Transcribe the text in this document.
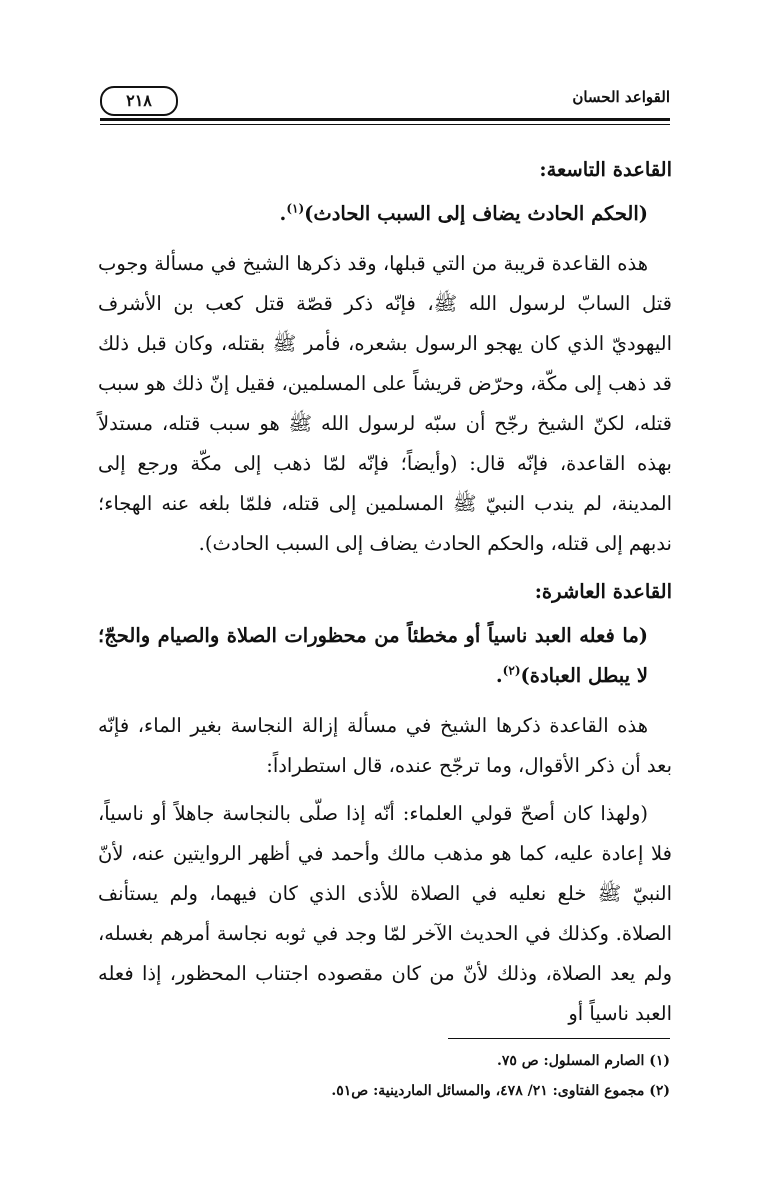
القواعد الحسان
٢١٨

القاعدة التاسعة:

(الحكم الحادث يضاف إلى السبب الحادث)$^{(١)}$.

هذه القاعدة قريبة من التي قبلها، وقد ذكرها الشيخ في مسألة وجوب قتل السابّ لرسول الله ﷺ، فإنّه ذكر قصّة قتل كعب بن الأشرف اليهوديّ الذي كان يهجو الرسول بشعره، فأمر ﷺ بقتله، وكان قبل ذلك قد ذهب إلى مكّة، وحرّض قريشاً على المسلمين، فقيل إنّ ذلك هو سبب قتله، لكنّ الشيخ رجّح أن سبّه لرسول الله ﷺ هو سبب قتله، مستدلاً بهذه القاعدة، فإنّه قال: (وأيضاً؛ فإنّه لمّا ذهب إلى مكّة ورجع إلى المدينة، لم يندب النبيّ ﷺ المسلمين إلى قتله، فلمّا بلغه عنه الهجاء؛ ندبهم إلى قتله، والحكم الحادث يضاف إلى السبب الحادث).

القاعدة العاشرة:

(ما فعله العبد ناسياً أو مخطئاً من محظورات الصلاة والصيام والحجّ؛ لا يبطل العبادة)$^{(٢)}$.

هذه القاعدة ذكرها الشيخ في مسألة إزالة النجاسة بغير الماء، فإنّه بعد أن ذكر الأقوال، وما ترجّح عنده، قال استطراداً:

(ولهذا كان أصحّ قولي العلماء: أنّه إذا صلّى بالنجاسة جاهلاً أو ناسياً، فلا إعادة عليه، كما هو مذهب مالك وأحمد في أظهر الروايتين عنه، لأنّ النبيّ ﷺ خلع نعليه في الصلاة للأذى الذي كان فيهما، ولم يستأنف الصلاة. وكذلك في الحديث الآخر لمّا وجد في ثوبه نجاسة أمرهم بغسله، ولم يعد الصلاة، وذلك لأنّ من كان مقصوده اجتناب المحظور، إذا فعله العبد ناسياً أو

(١) الصارم المسلول: ص ٧٥.

(٢) مجموع الفتاوى: ٢١/ ٤٧٨، والمسائل الماردينية: ص٥١.
